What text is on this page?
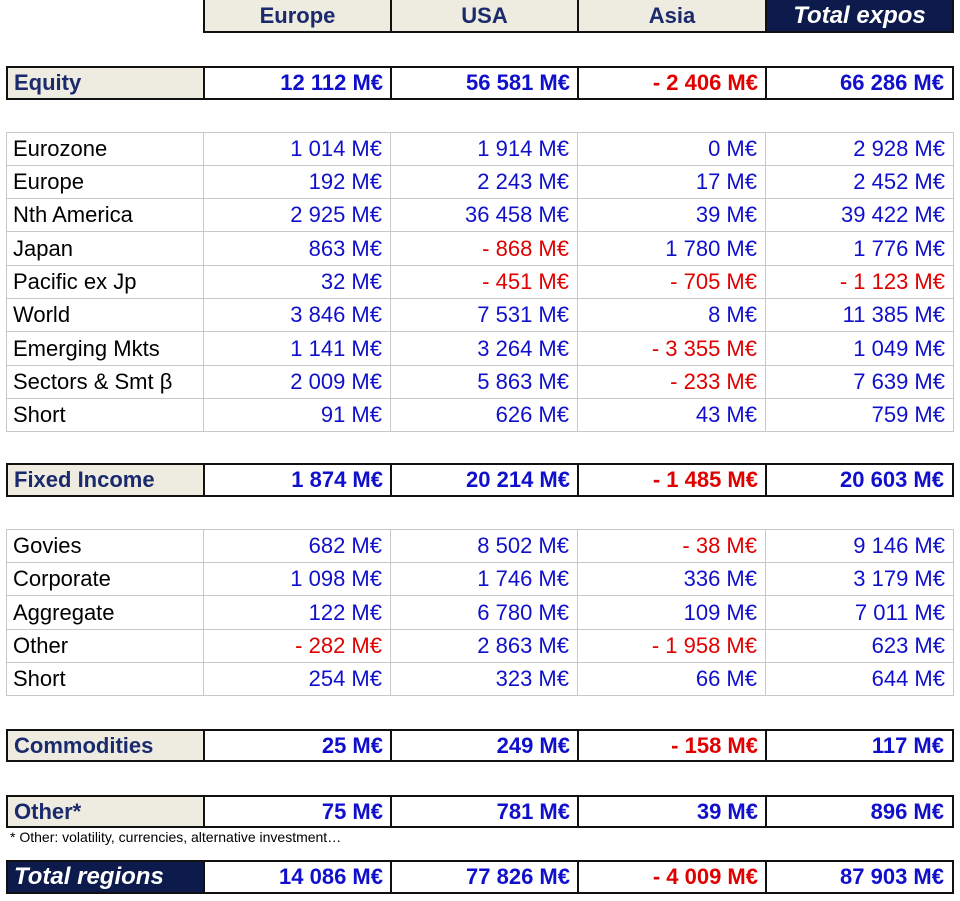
Europe	USA	Asia	Total expos
Equity	12 112 M€	56 581 M€	- 2 406 M€	66 286 M€
Eurozone	1 014 M€	1 914 M€	0 M€	2 928 M€
Europe	192 M€	2 243 M€	17 M€	2 452 M€
Nth America	2 925 M€	36 458 M€	39 M€	39 422 M€
Japan	863 M€	- 868 M€	1 780 M€	1 776 M€
Pacific ex Jp	32 M€	- 451 M€	- 705 M€	- 1 123 M€
World	3 846 M€	7 531 M€	8 M€	11 385 M€
Emerging Mkts	1 141 M€	3 264 M€	- 3 355 M€	1 049 M€
Sectors & Smt β	2 009 M€	5 863 M€	- 233 M€	7 639 M€
Short	91 M€	626 M€	43 M€	759 M€
Fixed Income	1 874 M€	20 214 M€	- 1 485 M€	20 603 M€
Govies	682 M€	8 502 M€	- 38 M€	9 146 M€
Corporate	1 098 M€	1 746 M€	336 M€	3 179 M€
Aggregate	122 M€	6 780 M€	109 M€	7 011 M€
Other	- 282 M€	2 863 M€	- 1 958 M€	623 M€
Short	254 M€	323 M€	66 M€	644 M€
Commodities	25 M€	249 M€	- 158 M€	117 M€
Other*	75 M€	781 M€	39 M€	896 M€
* Other: volatility, currencies, alternative investment…
Total regions	14 086 M€	77 826 M€	- 4 009 M€	87 903 M€
